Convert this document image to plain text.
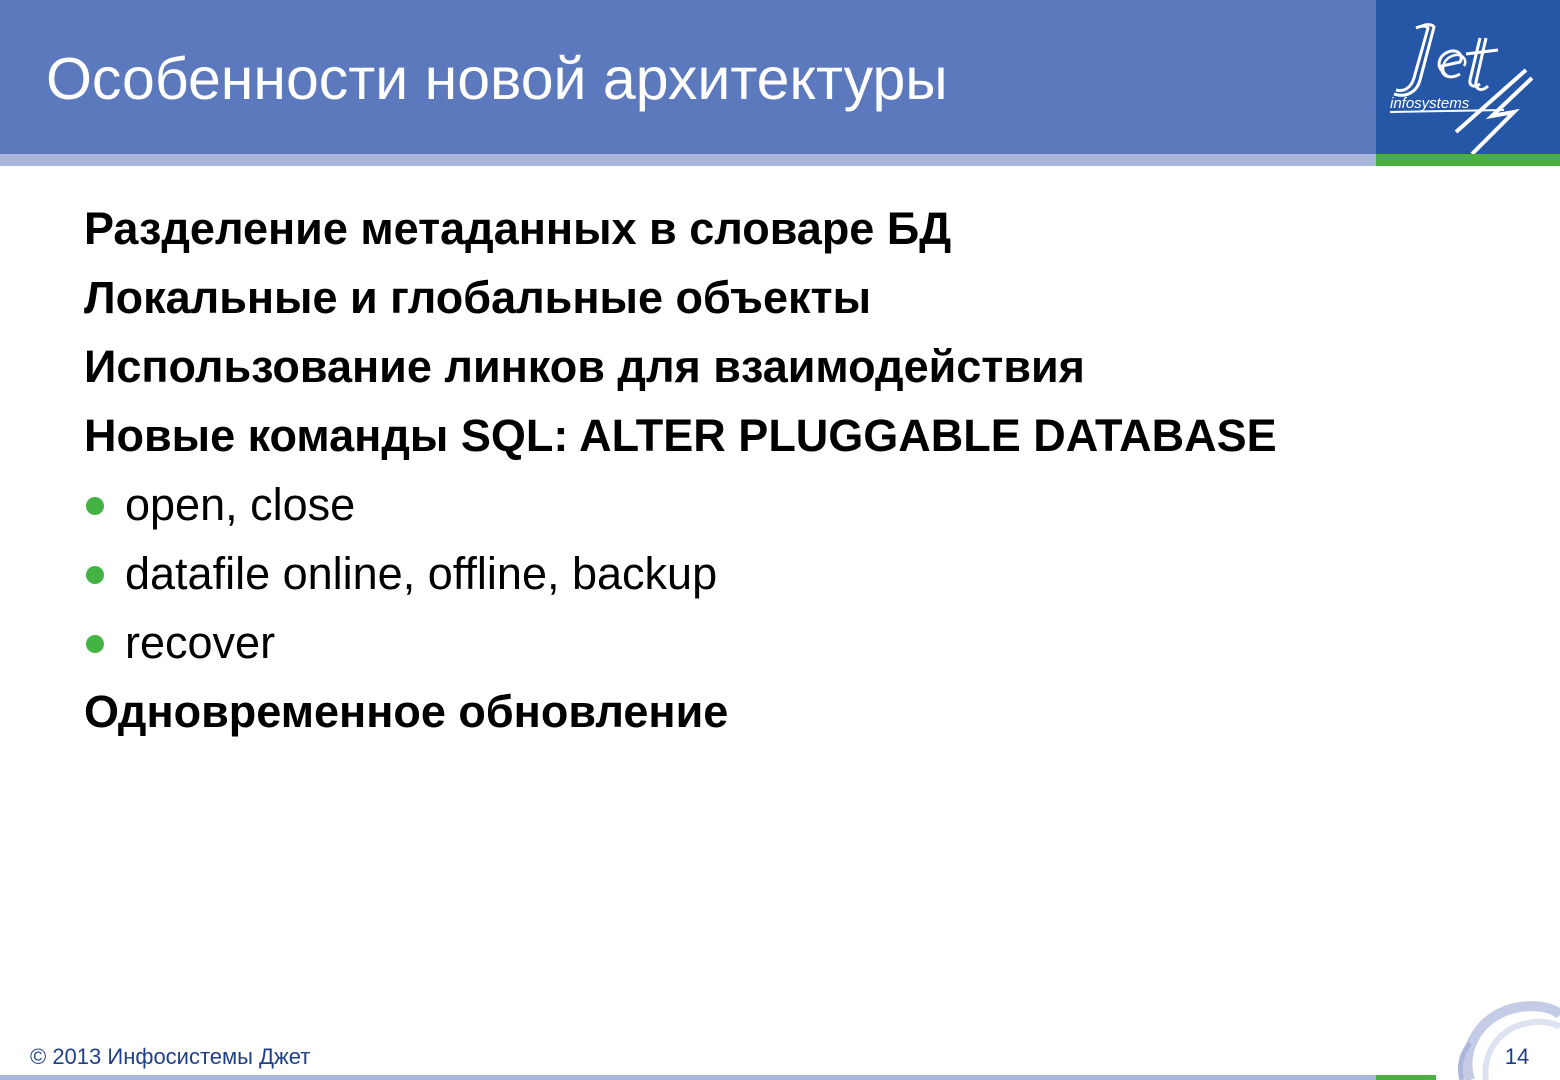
Особенности новой архитектуры	infosystems
Разделение метаданных в словаре БД
Локальные и глобальные объекты
Использование линков для взаимодействия
Новые команды SQL: ALTER PLUGGABLE DATABASE
open, close
datafile online, offline, backup
recover
Одновременное обновление
© 2013 Инфосистемы Джет	14
